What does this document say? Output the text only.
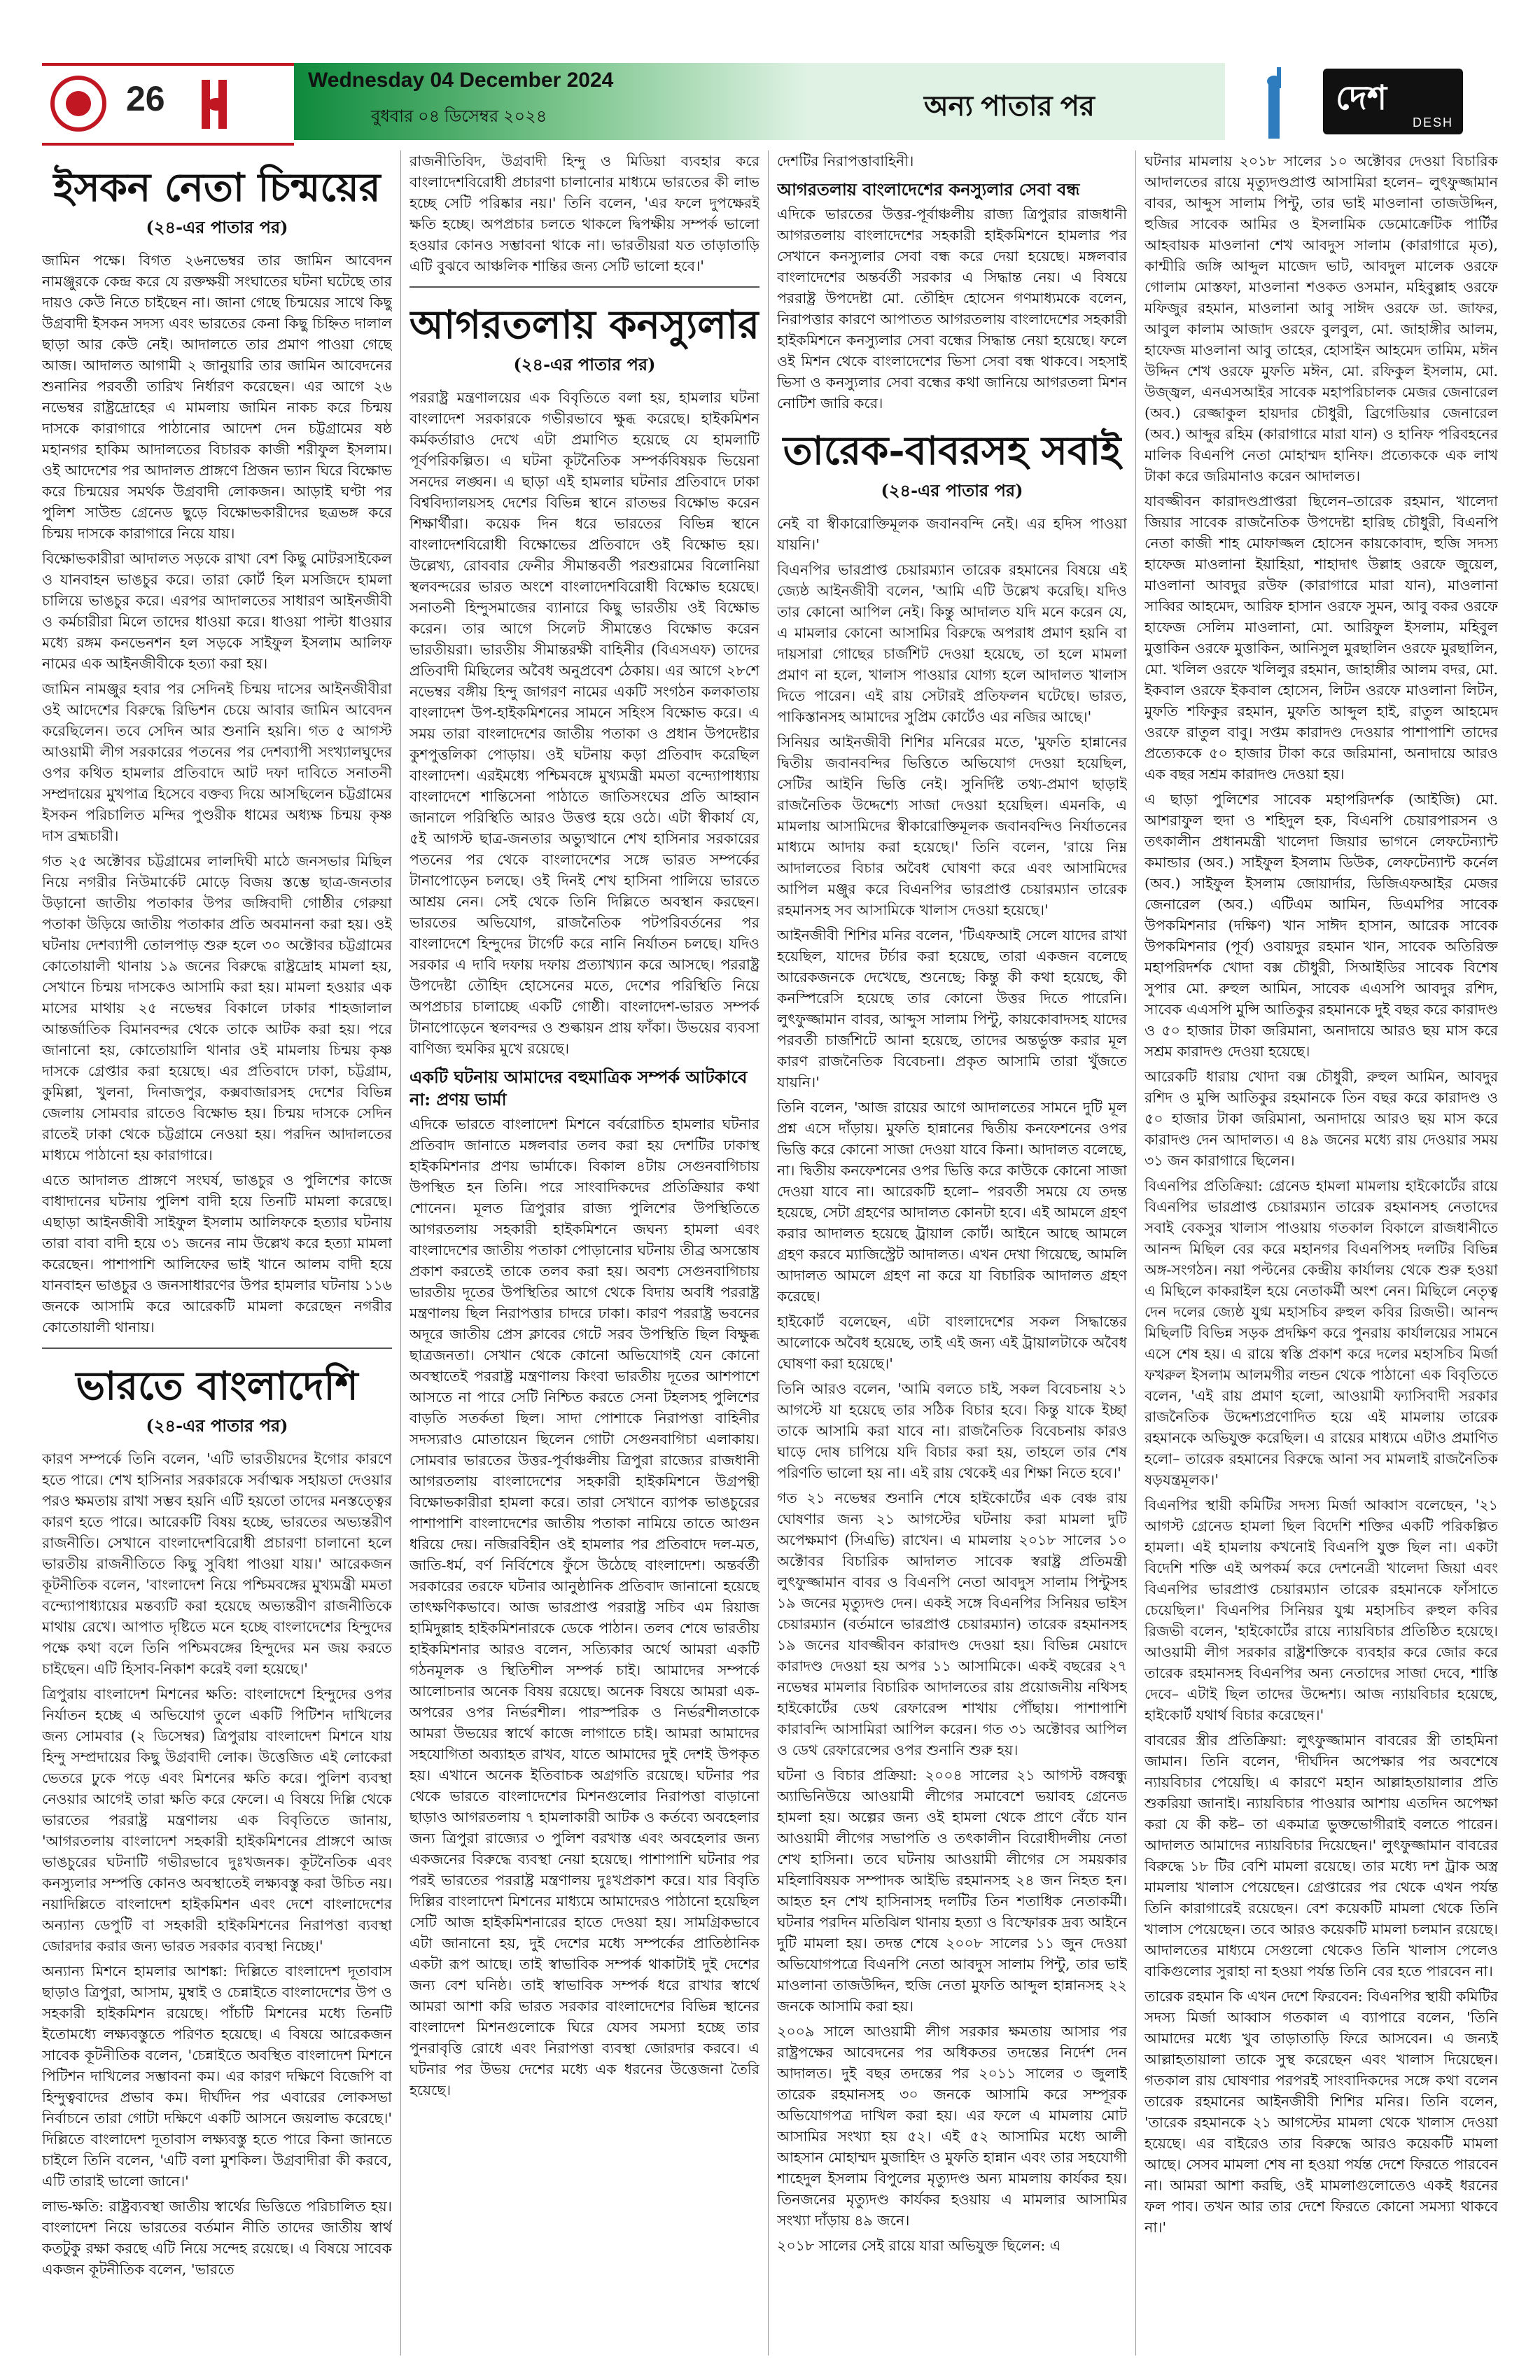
26	Wednesday 04 December 2024
বুধবার ০৪ ডিসেম্বর ২০২৪	অন্য পাতার পর	দেশ
DESH
ইসকন নেতা চিন্ময়ের
(২৪-এর পাতার পর)

জামিন পক্ষে। বিগত ২৬নভেম্বর তার জামিন আবেদন নামঞ্জুরকে কেন্দ্র করে যে রক্তক্ষয়ী সংঘাতের ঘটনা ঘটেছে তার দায়ও কেউ নিতে চাইছেন না। জানা গেছে চিন্ময়ের সাথে কিছু উগ্রবাদী ইসকন সদস্য এবং ভারতের কেনা কিছু চিহ্নিত দালাল ছাড়া আর কেউ নেই। আদালতে তার প্রমাণ পাওয়া গেছে আজ। আদালত আগামী ২ জানুয়ারি তার জামিন আবেদনের শুনানির পরবর্তী তারিখ নির্ধারণ করেছেন। এর আগে ২৬ নভেম্বর রাষ্ট্রদ্রোহের এ মামলায় জামিন নাকচ করে চিন্ময় দাসকে কারাগারে পাঠানোর আদেশ দেন চট্টগ্রামের ষষ্ঠ মহানগর হাকিম আদালতের বিচারক কাজী শরীফুল ইসলাম। ওই আদেশের পর আদালত প্রাঙ্গণে প্রিজন ভ্যান ঘিরে বিক্ষোভ করে চিন্ময়ের সমর্থক উগ্রবাদী লোকজন। আড়াই ঘণ্টা পর পুলিশ সাউন্ড গ্রেনেড ছুড়ে বিক্ষোভকারীদের ছত্রভঙ্গ করে চিন্ময় দাসকে কারাগারে নিয়ে যায়।

বিক্ষোভকারীরা আদালত সড়কে রাখা বেশ কিছু মোটরসাইকেল ও যানবাহন ভাঙচুর করে। তারা কোর্ট হিল মসজিদে হামলা চালিয়ে ভাঙচুর করে। এরপর আদালতের সাধারণ আইনজীবী ও কর্মচারীরা মিলে তাদের ধাওয়া করে। ধাওয়া পাল্টা ধাওয়ার মধ্যে রঙ্গম কনভেনশন হল সড়কে সাইফুল ইসলাম আলিফ নামের এক আইনজীবীকে হত্যা করা হয়।

জামিন নামঞ্জুর হবার পর সেদিনই চিন্ময় দাসের আইনজীবীরা ওই আদেশের বিরুদ্ধে রিভিশন চেয়ে আবার জামিন আবেদন করেছিলেন। তবে সেদিন আর শুনানি হয়নি। গত ৫ আগস্ট আওয়ামী লীগ সরকারের পতনের পর দেশব্যাপী সংখ্যালঘুদের ওপর কথিত হামলার প্রতিবাদে আট দফা দাবিতে সনাতনী সম্প্রদায়ের মুখপাত্র হিসেবে বক্তব্য দিয়ে আসছিলেন চট্টগ্রামের ইসকন পরিচালিত মন্দির পুণ্ডরীক ধামের অধ্যক্ষ চিন্ময় কৃষ্ণ দাস ব্রহ্মচারী।

গত ২৫ অক্টোবর চট্টগ্রামের লালদিঘী মাঠে জনসভার মিছিল নিয়ে নগরীর নিউমার্কেট মোড়ে বিজয় স্তম্ভে ছাত্র-জনতার উড়ানো জাতীয় পতাকার উপর জঙ্গিবাদী গোষ্ঠীর গেরুয়া পতাকা উড়িয়ে জাতীয় পতাকার প্রতি অবমাননা করা হয়। ওই ঘটনায় দেশব্যাপী তোলপাড় শুরু হলে ৩০ অক্টোবর চট্টগ্রামের কোতোয়ালী থানায় ১৯ জনের বিরুদ্ধে রাষ্ট্রদ্রোহ মামলা হয়, সেখানে চিন্ময় দাসকেও আসামি করা হয়। মামলা হওয়ার এক মাসের মাথায় ২৫ নভেম্বর বিকালে ঢাকার শাহজালাল আন্তর্জাতিক বিমানবন্দর থেকে তাকে আটক করা হয়। পরে জানানো হয়, কোতোয়ালি থানার ওই মামলায় চিন্ময় কৃষ্ণ দাসকে গ্রেপ্তার করা হয়েছে। এর প্রতিবাদে ঢাকা, চট্টগ্রাম, কুমিল্লা, খুলনা, দিনাজপুর, কক্সবাজারসহ দেশের বিভিন্ন জেলায় সোমবার রাতেও বিক্ষোভ হয়। চিন্ময় দাসকে সেদিন রাতেই ঢাকা থেকে চট্টগ্রামে নেওয়া হয়। পরদিন আদালতের মাধ্যমে পাঠানো হয় কারাগারে।

এতে আদালত প্রাঙ্গণে সংঘর্ষ, ভাঙচুর ও পুলিশের কাজে বাধাদানের ঘটনায় পুলিশ বাদী হয়ে তিনটি মামলা করেছে। এছাড়া আইনজীবী সাইফুল ইসলাম আলিফকে হত্যার ঘটনায় তারা বাবা বাদী হয়ে ৩১ জনের নাম উল্লেখ করে হত্যা মামলা করেছেন। পাশাপাশি আলিফের ভাই খানে আলম বাদী হয়ে যানবাহন ভাঙচুর ও জনসাধারণের উপর হামলার ঘটনায় ১১৬ জনকে আসামি করে আরেকটি মামলা করেছেন নগরীর কোতোয়ালী থানায়।

ভারতে বাংলাদেশি
(২৪-এর পাতার পর)

কারণ সম্পর্কে তিনি বলেন, 'এটি ভারতীয়দের ইগোর কারণে হতে পারে। শেখ হাসিনার সরকারকে সর্বাত্মক সহায়তা দেওয়ার পরও ক্ষমতায় রাখা সম্ভব হয়নি এটি হয়তো তাদের মনস্তত্ত্বের কারণ হতে পারে। আরেকটি বিষয় হচ্ছে, ভারতের অভ্যন্তরীণ রাজনীতি। সেখানে বাংলাদেশবিরোধী প্রচারণা চালানো হলে ভারতীয় রাজনীতিতে কিছু সুবিধা পাওয়া যায়।' আরেকজন কূটনীতিক বলেন, 'বাংলাদেশ নিয়ে পশ্চিমবঙ্গের মুখ্যমন্ত্রী মমতা বন্দ্যোপাধ্যায়ের মন্তব্যটি করা হয়েছে অভ্যন্তরীণ রাজনীতিকে মাথায় রেখে। আপাত দৃষ্টিতে মনে হচ্ছে বাংলাদেশের হিন্দুদের পক্ষে কথা বলে তিনি পশ্চিমবঙ্গের হিন্দুদের মন জয় করতে চাইছেন। এটি হিসাব-নিকাশ করেই বলা হয়েছে।'

ত্রিপুরায় বাংলাদেশ মিশনের ক্ষতি: বাংলাদেশে হিন্দুদের ওপর নির্যাতন হচ্ছে এ অভিযোগ তুলে একটি পিটিশন দাখিলের জন্য সোমবার (২ ডিসেম্বর) ত্রিপুরায় বাংলাদেশ মিশনে যায় হিন্দু সম্প্রদায়ের কিছু উগ্রবাদী লোক। উত্তেজিত এই লোকেরা ভেতরে ঢুকে পড়ে এবং মিশনের ক্ষতি করে। পুলিশ ব্যবস্থা নেওয়ার আগেই তারা ক্ষতি করে ফেলে। এ বিষয়ে দিল্লি থেকে ভারতের পররাষ্ট্র মন্ত্রণালয় এক বিবৃতিতে জানায়, 'আগরতলায় বাংলাদেশ সহকারী হাইকমিশনের প্রাঙ্গণে আজ ভাঙচুরের ঘটনাটি গভীরভাবে দুঃখজনক। কূটনৈতিক এবং কনস্যুলার সম্পত্তি কোনও অবস্থাতেই লক্ষ্যবস্তু করা উচিত নয়। নয়াদিল্লিতে বাংলাদেশ হাইকমিশন এবং দেশে বাংলাদেশের অন্যান্য ডেপুটি বা সহকারী হাইকমিশনের নিরাপত্তা ব্যবস্থা জোরদার করার জন্য ভারত সরকার ব্যবস্থা নিচ্ছে।'

অন্যান্য মিশনে হামলার আশঙ্কা: দিল্লিতে বাংলাদেশ দূতাবাস ছাড়াও ত্রিপুরা, আসাম, মুম্বাই ও চেন্নাইতে বাংলাদেশের উপ ও সহকারী হাইকমিশন রয়েছে। পাঁচটি মিশনের মধ্যে তিনটি ইতোমধ্যে লক্ষ্যবস্তুতে পরিণত হয়েছে। এ বিষয়ে আরেকজন সাবেক কূটনীতিক বলেন, 'চেন্নাইতে অবস্থিত বাংলাদেশ মিশনে পিটিশন দাখিলের সম্ভাবনা কম। এর কারণ দক্ষিণে বিজেপি বা হিন্দুত্ববাদের প্রভাব কম। দীর্ঘদিন পর এবারের লোকসভা নির্বাচনে তারা গোটা দক্ষিণে একটি আসনে জয়লাভ করেছে।' দিল্লিতে বাংলাদেশ দূতাবাস লক্ষ্যবস্তু হতে পারে কিনা জানতে চাইলে তিনি বলেন, 'এটি বলা মুশকিল। উগ্রবাদীরা কী করবে, এটি তারাই ভালো জানে।'

লাভ-ক্ষতি: রাষ্ট্রব্যবস্থা জাতীয় স্বার্থের ভিত্তিতে পরিচালিত হয়। বাংলাদেশ নিয়ে ভারতের বর্তমান নীতি তাদের জাতীয় স্বার্থ কতটুকু রক্ষা করছে এটি নিয়ে সন্দেহ রয়েছে। এ বিষয়ে সাবেক একজন কূটনীতিক বলেন, 'ভারতে

রাজনীতিবিদ, উগ্রবাদী হিন্দু ও মিডিয়া ব্যবহার করে বাংলাদেশবিরোধী প্রচারণা চালানোর মাধ্যমে ভারতের কী লাভ হচ্ছে সেটি পরিষ্কার নয়।' তিনি বলেন, 'এর ফলে দুপক্ষেরই ক্ষতি হচ্ছে। অপপ্রচার চলতে থাকলে দ্বিপক্ষীয় সম্পর্ক ভালো হওয়ার কোনও সম্ভাবনা থাকে না। ভারতীয়রা যত তাড়াতাড়ি এটি বুঝবে আঞ্চলিক শান্তির জন্য সেটি ভালো হবে।'

আগরতলায় কনস্যুলার
(২৪-এর পাতার পর)

পররাষ্ট্র মন্ত্রণালয়ের এক বিবৃতিতে বলা হয়, হামলার ঘটনা বাংলাদেশ সরকারকে গভীরভাবে ক্ষুব্ধ করেছে। হাইকমিশন কর্মকর্তারাও দেখে এটা প্রমাণিত হয়েছে যে হামলাটি পূর্বপরিকল্পিত। এ ঘটনা কূটনৈতিক সম্পর্কবিষয়ক ভিয়েনা সনদের লঙ্ঘন। এ ছাড়া এই হামলার ঘটনার প্রতিবাদে ঢাকা বিশ্ববিদ্যালয়সহ দেশের বিভিন্ন স্থানে রাতভর বিক্ষোভ করেন শিক্ষার্থীরা। কয়েক দিন ধরে ভারতের বিভিন্ন স্থানে বাংলাদেশবিরোধী বিক্ষোভের প্রতিবাদে ওই বিক্ষোভ হয়। উল্লেখ্য, রোববার ফেনীর সীমান্তবর্তী পরশুরামের বিলোনিয়া স্থলবন্দরের ভারত অংশে বাংলাদেশবিরোধী বিক্ষোভ হয়েছে। সনাতনী হিন্দুসমাজের ব্যানারে কিছু ভারতীয় ওই বিক্ষোভ করেন। তার আগে সিলেট সীমান্তেও বিক্ষোভ করেন ভারতীয়রা। ভারতীয় সীমান্তরক্ষী বাহিনীর (বিএসএফ) তাদের প্রতিবাদী মিছিলের অবৈধ অনুপ্রবেশ ঠেকায়। এর আগে ২৮শে নভেম্বর বঙ্গীয় হিন্দু জাগরণ নামের একটি সংগঠন কলকাতায় বাংলাদেশ উপ-হাইকমিশনের সামনে সহিংস বিক্ষোভ করে। এ সময় তারা বাংলাদেশের জাতীয় পতাকা ও প্রধান উপদেষ্টার কুশপুত্তলিকা পোড়ায়। ওই ঘটনায় কড়া প্রতিবাদ করেছিল বাংলাদেশ। এরইমধ্যে পশ্চিমবঙ্গে মুখ্যমন্ত্রী মমতা বন্দ্যোপাধ্যায় বাংলাদেশে শান্তিসেনা পাঠাতে জাতিসংঘের প্রতি আহ্বান জানালে পরিস্থিতি আরও উত্তপ্ত হয়ে ওঠে। এটা স্বীকার্য যে, ৫ই আগস্ট ছাত্র-জনতার অভ্যুত্থানে শেখ হাসিনার সরকারের পতনের পর থেকে বাংলাদেশের সঙ্গে ভারত সম্পর্কের টানাপোড়েন চলছে। ওই দিনই শেখ হাসিনা পালিয়ে ভারতে আশ্রয় নেন। সেই থেকে তিনি দিল্লিতে অবস্থান করছেন। ভারতের অভিযোগ, রাজনৈতিক পটপরিবর্তনের পর বাংলাদেশে হিন্দুদের টার্গেট করে নানি নির্যাতন চলছে। যদিও সরকার এ দাবি দফায় দফায় প্রত্যাখ্যান করে আসছে। পররাষ্ট্র উপদেষ্টা তৌহিদ হোসেনের মতে, দেশের পরিস্থিতি নিয়ে অপপ্রচার চালাচ্ছে একটি গোষ্ঠী। বাংলাদেশ-ভারত সম্পর্ক টানাপোড়েনে স্থলবন্দর ও শুল্কায়ন প্রায় ফাঁকা। উভয়ের ব্যবসা বাণিজ্য হুমকির মুখে রয়েছে।

একটি ঘটনায় আমাদের বহুমাত্রিক সম্পর্ক আটকাবে না: প্রণয় ভার্মা

এদিকে ভারতে বাংলাদেশ মিশনে বর্বরোচিত হামলার ঘটনার প্রতিবাদ জানাতে মঙ্গলবার তলব করা হয় দেশটির ঢাকাস্থ হাইকমিশনার প্রণয় ভার্মাকে। বিকাল ৪টায় সেগুনবাগিচায় উপস্থিত হন তিনি। পরে সাংবাদিকদের প্রতিক্রিয়ার কথা শোনেন। মূলত ত্রিপুরার রাজ্য পুলিশের উপস্থিতিতে আগরতলায় সহকারী হাইকমিশনে জঘন্য হামলা এবং বাংলাদেশের জাতীয় পতাকা পোড়ানোর ঘটনায় তীব্র অসন্তোষ প্রকাশ করতেই তাকে তলব করা হয়। অবশ্য সেগুনবাগিচায় ভারতীয় দূতের উপস্থিতির আগে থেকে বিদায় অবধি পররাষ্ট্র মন্ত্রণালয় ছিল নিরাপত্তার চাদরে ঢাকা। কারণ পররাষ্ট্র ভবনের অদূরে জাতীয় প্রেস ক্লাবের গেটে সরব উপস্থিতি ছিল বিক্ষুব্ধ ছাত্রজনতা। সেখান থেকে কোনো অভিযোগই যেন কোনো অবস্থাতেই পররাষ্ট্র মন্ত্রণালয় কিংবা ভারতীয় দূতের আশপাশে আসতে না পারে সেটি নিশ্চিত করতে সেনা টহলসহ পুলিশের বাড়তি সতর্কতা ছিল। সাদা পোশাকে নিরাপত্তা বাহিনীর সদস্যরাও মোতায়েন ছিলেন গোটা সেগুনবাগিচা এলাকায়। সোমবার ভারতের উত্তর-পূর্বাঞ্চলীয় ত্রিপুরা রাজ্যের রাজধানী আগরতলায় বাংলাদেশের সহকারী হাইকমিশনে উগ্রপন্থী বিক্ষোভকারীরা হামলা করে। তারা সেখানে ব্যাপক ভাঙচুরের পাশাপাশি বাংলাদেশের জাতীয় পতাকা নামিয়ে তাতে আগুন ধরিয়ে দেয়। নজিরবিহীন ওই হামলার পর প্রতিবাদে দল-মত, জাতি-ধর্ম, বর্ণ নির্বিশেষে ফুঁসে উঠেছে বাংলাদেশ। অন্তর্বর্তী সরকারের তরফে ঘটনার আনুষ্ঠানিক প্রতিবাদ জানানো হয়েছে তাৎক্ষণিকভাবে। আজ ভারপ্রাপ্ত পররাষ্ট্র সচিব এম রিয়াজ হামিদুল্লাহ হাইকমিশনারকে ডেকে পাঠান। তলব শেষে ভারতীয় হাইকমিশনার আরও বলেন, সত্যিকার অর্থে আমরা একটি গঠনমূলক ও স্থিতিশীল সম্পর্ক চাই। আমাদের সম্পর্কে আলোচনার অনেক বিষয় রয়েছে। অনেক বিষয়ে আমরা এক-অপরের ওপর নির্ভরশীল। পারস্পরিক ও নির্ভরশীলতাকে আমরা উভয়ের স্বার্থে কাজে লাগাতে চাই। আমরা আমাদের সহযোগিতা অব্যাহত রাখব, যাতে আমাদের দুই দেশই উপকৃত হয়। এখানে অনেক ইতিবাচক অগ্রগতি রয়েছে। ঘটনার পর থেকে ভারতে বাংলাদেশের মিশনগুলোর নিরাপত্তা বাড়ানো ছাড়াও আগরতলায় ৭ হামলাকারী আটক ও কর্তব্যে অবহেলার জন্য ত্রিপুরা রাজ্যের ৩ পুলিশ বরখাস্ত এবং অবহেলার জন্য একজনের বিরুদ্ধে ব্যবস্থা নেয়া হয়েছে। পাশাপাশি ঘটনার পর পরই ভারতের পররাষ্ট্র মন্ত্রণালয় দুঃখপ্রকাশ করে। যার বিবৃতি দিল্লির বাংলাদেশ মিশনের মাধ্যমে আমাদেরও পাঠানো হয়েছিল সেটি আজ হাইকমিশনারের হাতে দেওয়া হয়। সামগ্রিকভাবে এটা জানানো হয়, দুই দেশের মধ্যে সম্পর্কের প্রাতিষ্ঠানিক একটা রূপ আছে। তাই স্বাভাবিক সম্পর্ক থাকাটাই দুই দেশের জন্য বেশ ঘনিষ্ঠ। তাই স্বাভাবিক সম্পর্ক ধরে রাখার স্বার্থে আমরা আশা করি ভারত সরকার বাংলাদেশের বিভিন্ন স্থানের বাংলাদেশ মিশনগুলোকে ঘিরে যেসব সমস্যা হচ্ছে তার পুনরাবৃত্তি রোধে এবং নিরাপত্তা ব্যবস্থা জোরদার করবে। এ ঘটনার পর উভয় দেশের মধ্যে এক ধরনের উত্তেজনা তৈরি হয়েছে।

দেশটির নিরাপত্তাবাহিনী।

আগরতলায় বাংলাদেশের কনস্যুলার সেবা বন্ধ

এদিকে ভারতের উত্তর-পূর্বাঞ্চলীয় রাজ্য ত্রিপুরার রাজধানী আগরতলায় বাংলাদেশের সহকারী হাইকমিশনে হামলার পর সেখানে কনস্যুলার সেবা বন্ধ করে দেয়া হয়েছে। মঙ্গলবার বাংলাদেশের অন্তর্বর্তী সরকার এ সিদ্ধান্ত নেয়। এ বিষয়ে পররাষ্ট্র উপদেষ্টা মো. তৌহিদ হোসেন গণমাধ্যমকে বলেন, নিরাপত্তার কারণে আপাতত আগরতলায় বাংলাদেশের সহকারী হাইকমিশনে কনস্যুলার সেবা বন্ধের সিদ্ধান্ত নেয়া হয়েছে। ফলে ওই মিশন থেকে বাংলাদেশের ভিসা সেবা বন্ধ থাকবে। সহসাই ভিসা ও কনস্যুলার সেবা বন্ধের কথা জানিয়ে আগরতলা মিশন নোটিশ জারি করে।

তারেক-বাবরসহ সবাই
(২৪-এর পাতার পর)

নেই বা স্বীকারোক্তিমূলক জবানবন্দি নেই। এর হদিস পাওয়া যায়নি।'

বিএনপির ভারপ্রাপ্ত চেয়ারম্যান তারেক রহমানের বিষয়ে এই জ্যেষ্ঠ আইনজীবী বলেন, 'আমি এটি উল্লেখ করেছি। যদিও তার কোনো আপিল নেই। কিন্তু আদালত যদি মনে করেন যে, এ মামলার কোনো আসামির বিরুদ্ধে অপরাধ প্রমাণ হয়নি বা দায়সারা গোছের চার্জশিট দেওয়া হয়েছে, তা হলে মামলা প্রমাণ না হলে, খালাস পাওয়ার যোগ্য হলে আদালত খালাস দিতে পারেন। এই রায় সেটারই প্রতিফলন ঘটেছে। ভারত, পাকিস্তানসহ আমাদের সুপ্রিম কোর্টেও এর নজির আছে।'

সিনিয়র আইনজীবী শিশির মনিরের মতে, 'মুফতি হান্নানের দ্বিতীয় জবানবন্দির ভিত্তিতে অভিযোগ দেওয়া হয়েছিল, সেটির আইনি ভিত্তি নেই। সুনির্দিষ্ট তথ্য-প্রমাণ ছাড়াই রাজনৈতিক উদ্দেশ্যে সাজা দেওয়া হয়েছিল। এমনকি, এ মামলায় আসামিদের স্বীকারোক্তিমূলক জবানবন্দিও নির্যাতনের মাধ্যমে আদায় করা হয়েছে।' তিনি বলেন, 'রায়ে নিম্ন আদালতের বিচার অবৈধ ঘোষণা করে এবং আসামিদের আপিল মঞ্জুর করে বিএনপির ভারপ্রাপ্ত চেয়ারম্যান তারেক রহমানসহ সব আসামিকে খালাস দেওয়া হয়েছে।'

আইনজীবী শিশির মনির বলেন, 'টিএফআই সেলে যাদের রাখা হয়েছিল, যাদের টর্চার করা হয়েছে, তারা একজন বলেছে আরেকজনকে দেখেছে, শুনেছে; কিন্তু কী কথা হয়েছে, কী কনস্পিরেসি হয়েছে তার কোনো উত্তর দিতে পারেনি। লুৎফুজ্জামান বাবর, আব্দুস সালাম পিন্টু, কায়কোবাদসহ যাদের পরবর্তী চার্জশিটে আনা হয়েছে, তাদের অন্তর্ভুক্ত করার মূল কারণ রাজনৈতিক বিবেচনা। প্রকৃত আসামি তারা খুঁজতে যায়নি।'

তিনি বলেন, 'আজ রায়ের আগে আদালতের সামনে দুটি মূল প্রশ্ন এসে দাঁড়ায়। মুফতি হান্নানের দ্বিতীয় কনফেশনের ওপর ভিত্তি করে কোনো সাজা দেওয়া যাবে কিনা। আদালত বলেছে, না। দ্বিতীয় কনফেশনের ওপর ভিত্তি করে কাউকে কোনো সাজা দেওয়া যাবে না। আরেকটি হলো– পরবর্তী সময়ে যে তদন্ত হয়েছে, সেটা গ্রহণের আদালত কোনটা হবে। এই আমলে গ্রহণ করার আদালত হয়েছে ট্রায়াল কোর্ট। আইনে আছে আমলে গ্রহণ করবে ম্যাজিস্ট্রেট আদালত। এখন দেখা গিয়েছে, আমলি আদালত আমলে গ্রহণ না করে যা বিচারিক আদালত গ্রহণ করেছে।

হাইকোর্ট বলেছেন, এটা বাংলাদেশের সকল সিদ্ধান্তের আলোকে অবৈধ হয়েছে, তাই এই জন্য এই ট্রায়ালটাকে অবৈধ ঘোষণা করা হয়েছে।'

তিনি আরও বলেন, 'আমি বলতে চাই, সকল বিবেচনায় ২১ আগস্টে যা হয়েছে তার সঠিক বিচার হবে। কিন্তু যাকে ইচ্ছা তাকে আসামি করা যাবে না। রাজনৈতিক বিবেচনায় কারও ঘাড়ে দোষ চাপিয়ে যদি বিচার করা হয়, তাহলে তার শেষ পরিণতি ভালো হয় না। এই রায় থেকেই এর শিক্ষা নিতে হবে।'

গত ২১ নভেম্বর শুনানি শেষে হাইকোর্টের এক বেঞ্চ রায় ঘোষণার জন্য ২১ আগস্টের ঘটনায় করা মামলা দুটি অপেক্ষমাণ (সিএভি) রাখেন। এ মামলায় ২০১৮ সালের ১০ অক্টোবর বিচারিক আদালত সাবেক স্বরাষ্ট্র প্রতিমন্ত্রী লুৎফুজ্জামান বাবর ও বিএনপি নেতা আবদুস সালাম পিন্টুসহ ১৯ জনের মৃত্যুদণ্ড দেন। একই সঙ্গে বিএনপির সিনিয়র ভাইস চেয়ারম্যান (বর্তমানে ভারপ্রাপ্ত চেয়ারম্যান) তারেক রহমানসহ ১৯ জনের যাবজ্জীবন কারাদণ্ড দেওয়া হয়। বিভিন্ন মেয়াদে কারাদণ্ড দেওয়া হয় অপর ১১ আসামিকে। একই বছরের ২৭ নভেম্বর মামলার বিচারিক আদালতের রায় প্রয়োজনীয় নথিসহ হাইকোর্টের ডেথ রেফারেন্স শাখায় পৌঁছায়। পাশাপাশি কারাবন্দি আসামিরা আপিল করেন। গত ৩১ অক্টোবর আপিল ও ডেথ রেফারেন্সের ওপর শুনানি শুরু হয়।

ঘটনা ও বিচার প্রক্রিয়া: ২০০৪ সালের ২১ আগস্ট বঙ্গবন্ধু অ্যাভিনিউয়ে আওয়ামী লীগের সমাবেশে ভয়াবহ গ্রেনেড হামলা হয়। অল্পের জন্য ওই হামলা থেকে প্রাণে বেঁচে যান আওয়ামী লীগের সভাপতি ও তৎকালীন বিরোধীদলীয় নেতা শেখ হাসিনা। তবে ঘটনায় আওয়ামী লীগের সে সময়কার মহিলাবিষয়ক সম্পাদক আইভি রহমানসহ ২৪ জন নিহত হন। আহত হন শেখ হাসিনাসহ দলটির তিন শতাধিক নেতাকর্মী। ঘটনার পরদিন মতিঝিল থানায় হত্যা ও বিস্ফোরক দ্রব্য আইনে দুটি মামলা হয়। তদন্ত শেষে ২০০৮ সালের ১১ জুন দেওয়া অভিযোগপত্রে বিএনপি নেতা আবদুস সালাম পিন্টু, তার ভাই মাওলানা তাজউদ্দিন, হুজি নেতা মুফতি আব্দুল হান্নানসহ ২২ জনকে আসামি করা হয়।

২০০৯ সালে আওয়ামী লীগ সরকার ক্ষমতায় আসার পর রাষ্ট্রপক্ষের আবেদনের পর অধিকতর তদন্তের নির্দেশ দেন আদালত। দুই বছর তদন্তের পর ২০১১ সালের ৩ জুলাই তারেক রহমানসহ ৩০ জনকে আসামি করে সম্পূরক অভিযোগপত্র দাখিল করা হয়। এর ফলে এ মামলায় মোট আসামির সংখ্যা হয় ৫২। এই ৫২ আসামির মধ্যে আলী আহসান মোহাম্মদ মুজাহিদ ও মুফতি হান্নান এবং তার সহযোগী শাহেদুল ইসলাম বিপুলের মৃত্যুদণ্ড অন্য মামলায় কার্যকর হয়। তিনজনের মৃত্যুদণ্ড কার্যকর হওয়ায় এ মামলার আসামির সংখ্যা দাঁড়ায় ৪৯ জনে।

২০১৮ সালের সেই রায়ে যারা অভিযুক্ত ছিলেন: এ

ঘটনার মামলায় ২০১৮ সালের ১০ অক্টোবর দেওয়া বিচারিক আদালতের রায়ে মৃত্যুদণ্ডপ্রাপ্ত আসামিরা হলেন– লুৎফুজ্জামান বাবর, আব্দুস সালাম পিন্টু, তার ভাই মাওলানা তাজউদ্দিন, হুজির সাবেক আমির ও ইসলামিক ডেমোক্রেটিক পার্টির আহবায়ক মাওলানা শেখ আবদুস সালাম (কারাগারে মৃত), কাশ্মীরি জঙ্গি আব্দুল মাজেদ ভাট, আবদুল মালেক ওরফে গোলাম মোস্তফা, মাওলানা শওকত ওসমান, মহিবুল্লাহ ওরফে মফিজুর রহমান, মাওলানা আবু সাঈদ ওরফে ডা. জাফর, আবুল কালাম আজাদ ওরফে বুলবুল, মো. জাহাঙ্গীর আলম, হাফেজ মাওলানা আবু তাহের, হোসাইন আহমেদ তামিম, মঈন উদ্দিন শেখ ওরফে মুফতি মঈন, মো. রফিকুল ইসলাম, মো. উজ্জ্বল, এনএসআইর সাবেক মহাপরিচালক মেজর জেনারেল (অব.) রেজ্জাকুল হায়দার চৌধুরী, ব্রিগেডিয়ার জেনারেল (অব.) আব্দুর রহিম (কারাগারে মারা যান) ও হানিফ পরিবহনের মালিক বিএনপি নেতা মোহাম্মদ হানিফ। প্রত্যেককে এক লাখ টাকা করে জরিমানাও করেন আদালত।

যাবজ্জীবন কারাদণ্ডপ্রাপ্তরা ছিলেন–তারেক রহমান, খালেদা জিয়ার সাবেক রাজনৈতিক উপদেষ্টা হারিছ চৌধুরী, বিএনপি নেতা কাজী শাহ মোফাজ্জল হোসেন কায়কোবাদ, হুজি সদস্য হাফেজ মাওলানা ইয়াহিয়া, শাহাদাৎ উল্লাহ ওরফে জুয়েল, মাওলানা আবদুর রউফ (কারাগারে মারা যান), মাওলানা সাব্বির আহমেদ, আরিফ হাসান ওরফে সুমন, আবু বকর ওরফে হাফেজ সেলিম মাওলানা, মো. আরিফুল ইসলাম, মহিবুল মুত্তাকিন ওরফে মুত্তাকিন, আনিসুল মুরছালিন ওরফে মুরছালিন, মো. খলিল ওরফে খলিলুর রহমান, জাহাঙ্গীর আলম বদর, মো. ইকবাল ওরফে ইকবাল হোসেন, লিটন ওরফে মাওলানা লিটন, মুফতি শফিকুর রহমান, মুফতি আব্দুল হাই, রাতুল আহমেদ ওরফে রাতুল বাবু। সপ্তম কারাদণ্ড দেওয়ার পাশাপাশি তাদের প্রত্যেককে ৫০ হাজার টাকা করে জরিমানা, অনাদায়ে আরও এক বছর সশ্রম কারাদণ্ড দেওয়া হয়।

এ ছাড়া পুলিশের সাবেক মহাপরিদর্শক (আইজি) মো. আশরাফুল হুদা ও শহিদুল হক, বিএনপি চেয়ারপারসন ও তৎকালীন প্রধানমন্ত্রী খালেদা জিয়ার ভাগনে লেফটেন্যান্ট কমান্ডার (অব.) সাইফুল ইসলাম ডিউক, লেফটেন্যান্ট কর্নেল (অব.) সাইফুল ইসলাম জোয়ার্দার, ডিজিএফআইর মেজর জেনারেল (অব.) এটিএম আমিন, ডিএমপির সাবেক উপকমিশনার (দক্ষিণ) খান সাঈদ হাসান, আরেক সাবেক উপকমিশনার (পূর্ব) ওবায়দুর রহমান খান, সাবেক অতিরিক্ত মহাপরিদর্শক খোদা বক্স চৌধুরী, সিআইডির সাবেক বিশেষ সুপার মো. রুহুল আমিন, সাবেক এএসপি আবদুর রশিদ, সাবেক এএসপি মুন্সি আতিকুর রহমানকে দুই বছর করে কারাদণ্ড ও ৫০ হাজার টাকা জরিমানা, অনাদায়ে আরও ছয় মাস করে সশ্রম কারাদণ্ড দেওয়া হয়েছে।

আরেকটি ধারায় খোদা বক্স চৌধুরী, রুহুল আমিন, আবদুর রশিদ ও মুন্সি আতিকুর রহমানকে তিন বছর করে কারাদণ্ড ও ৫০ হাজার টাকা জরিমানা, অনাদায়ে আরও ছয় মাস করে কারাদণ্ড দেন আদালত। এ ৪৯ জনের মধ্যে রায় দেওয়ার সময় ৩১ জন কারাগারে ছিলেন।

বিএনপির প্রতিক্রিয়া: গ্রেনেড হামলা মামলায় হাইকোর্টের রায়ে বিএনপির ভারপ্রাপ্ত চেয়ারম্যান তারেক রহমানসহ নেতাদের সবাই বেকসুর খালাস পাওয়ায় গতকাল বিকালে রাজধানীতে আনন্দ মিছিল বের করে মহানগর বিএনপিসহ দলটির বিভিন্ন অঙ্গ-সংগঠন। নয়া পল্টনের কেন্দ্রীয় কার্যালয় থেকে শুরু হওয়া এ মিছিলে কাকরাইল হয়ে নেতাকর্মী অংশ নেন। মিছিলে নেতৃত্ব দেন দলের জ্যেষ্ঠ যুগ্ম মহাসচিব রুহুল কবির রিজভী। আনন্দ মিছিলটি বিভিন্ন সড়ক প্রদক্ষিণ করে পুনরায় কার্যালয়ের সামনে এসে শেষ হয়। এ রায়ে স্বস্তি প্রকাশ করে দলের মহাসচিব মির্জা ফখরুল ইসলাম আলমগীর লন্ডন থেকে পাঠানো এক বিবৃতিতে বলেন, 'এই রায় প্রমাণ হলো, আওয়ামী ফ্যাসিবাদী সরকার রাজনৈতিক উদ্দেশ্যপ্রণোদিত হয়ে এই মামলায় তারেক রহমানকে অভিযুক্ত করেছিল। এ রায়ের মাধ্যমে এটাও প্রমাণিত হলো– তারেক রহমানের বিরুদ্ধে আনা সব মামলাই রাজনৈতিক ষড়যন্ত্রমূলক।'

বিএনপির স্থায়ী কমিটির সদস্য মির্জা আব্বাস বলেছেন, '২১ আগস্ট গ্রেনেড হামলা ছিল বিদেশি শক্তির একটি পরিকল্পিত হামলা। এই হামলায় কখনোই বিএনপি যুক্ত ছিল না। একটা বিদেশি শক্তি এই অপকর্ম করে দেশনেত্রী খালেদা জিয়া এবং বিএনপির ভারপ্রাপ্ত চেয়ারম্যান তারেক রহমানকে ফাঁসাতে চেয়েছিল।' বিএনপির সিনিয়র যুগ্ম মহাসচিব রুহুল কবির রিজভী বলেন, 'হাইকোর্টের রায়ে ন্যায়বিচার প্রতিষ্ঠিত হয়েছে। আওয়ামী লীগ সরকার রাষ্ট্রশক্তিকে ব্যবহার করে জোর করে তারেক রহমানসহ বিএনপির অন্য নেতাদের সাজা দেবে, শাস্তি দেবে– এটাই ছিল তাদের উদ্দেশ্য। আজ ন্যায়বিচার হয়েছে, হাইকোর্ট যথার্থ বিচার করেছেন।'

বাবরের স্ত্রীর প্রতিক্রিয়া: লুৎফুজ্জামান বাবরের স্ত্রী তাহমিনা জামান। তিনি বলেন, 'দীর্ঘদিন অপেক্ষার পর অবশেষে ন্যায়বিচার পেয়েছি। এ কারণে মহান আল্লাহতায়ালার প্রতি শুকরিয়া জানাই। ন্যায়বিচার পাওয়ার আশায় এতদিন অপেক্ষা করা যে কী কষ্ট– তা একমাত্র ভুক্তভোগীরাই বলতে পারেন। আদালত আমাদের ন্যায়বিচার দিয়েছেন।' লুৎফুজ্জামান বাবরের বিরুদ্ধে ১৮ টির বেশি মামলা রয়েছে। তার মধ্যে দশ ট্রাক অস্ত্র মামলায় খালাস পেয়েছেন। গ্রেপ্তারের পর থেকে এখন পর্যন্ত তিনি কারাগারেই রয়েছেন। বেশ কয়েকটি মামলা থেকে তিনি খালাস পেয়েছেন। তবে আরও কয়েকটি মামলা চলমান রয়েছে। আদালতের মাধ্যমে সেগুলো থেকেও তিনি খালাস পেলেও বাকিগুলোর সুরাহা না হওয়া পর্যন্ত তিনি বের হতে পারবেন না।

তারেক রহমান কি এখন দেশে ফিরবেন: বিএনপির স্থায়ী কমিটির সদস্য মির্জা আব্বাস গতকাল এ ব্যাপারে বলেন, 'তিনি আমাদের মধ্যে খুব তাড়াতাড়ি ফিরে আসবেন। এ জন্যই আল্লাহতায়ালা তাকে সুস্থ করেছেন এবং খালাস দিয়েছেন। গতকাল রায় ঘোষণার পরপরই সাংবাদিকদের সঙ্গে কথা বলেন তারেক রহমানের আইনজীবী শিশির মনির। তিনি বলেন, 'তারেক রহমানকে ২১ আগস্টের মামলা থেকে খালাস দেওয়া হয়েছে। এর বাইরেও তার বিরুদ্ধে আরও কয়েকটি মামলা আছে। সেসব মামলা শেষ না হওয়া পর্যন্ত দেশে ফিরতে পারবেন না। আমরা আশা করছি, ওই মামলাগুলোতেও একই ধরনের ফল পাব। তখন আর তার দেশে ফিরতে কোনো সমস্যা থাকবে না।'
